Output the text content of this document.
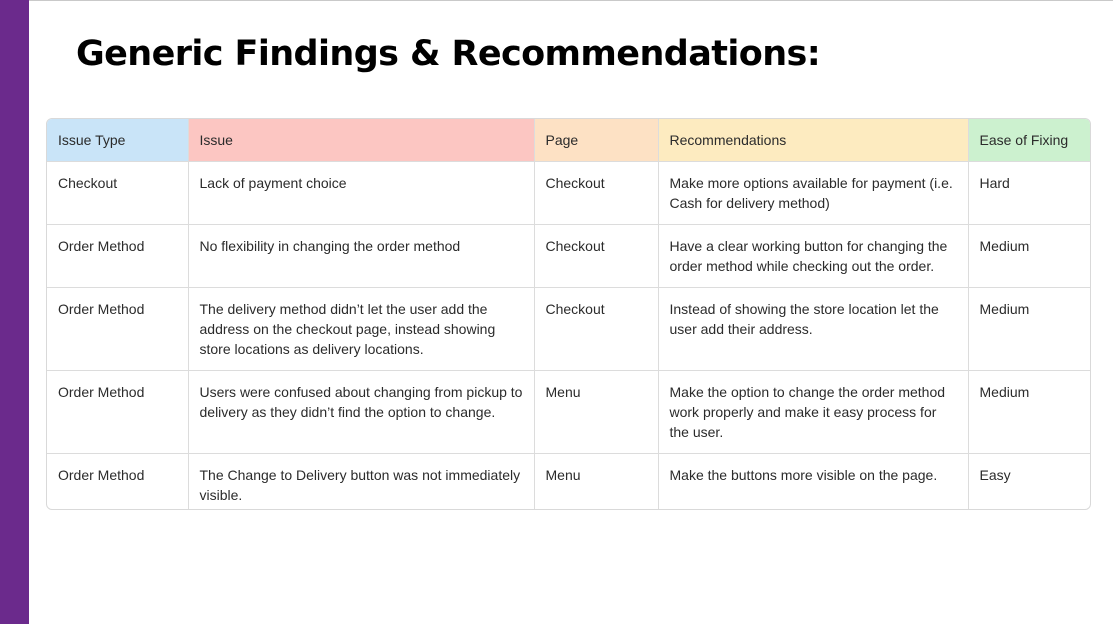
Generic Findings & Recommendations:
Issue Type	Issue	Page	Recommendations	Ease of Fixing
Checkout	Lack of payment choice	Checkout	Make more options available for payment (i.e. Cash for delivery method)	Hard
Order Method	No flexibility in changing the order method	Checkout	Have a clear working button for changing the order method while checking out the order.	Medium
Order Method	The delivery method didn’t let the user add the address on the checkout page, instead showing store locations as delivery locations.	Checkout	Instead of showing the store location let the user add their address.	Medium
Order Method	Users were confused about changing from pickup to delivery as they didn’t find the option to change.	Menu	Make the option to change the order method work properly and make it easy process for the user.	Medium
Order Method	The Change to Delivery button was not immediately visible.	Menu	Make the buttons more visible on the page.	Easy
